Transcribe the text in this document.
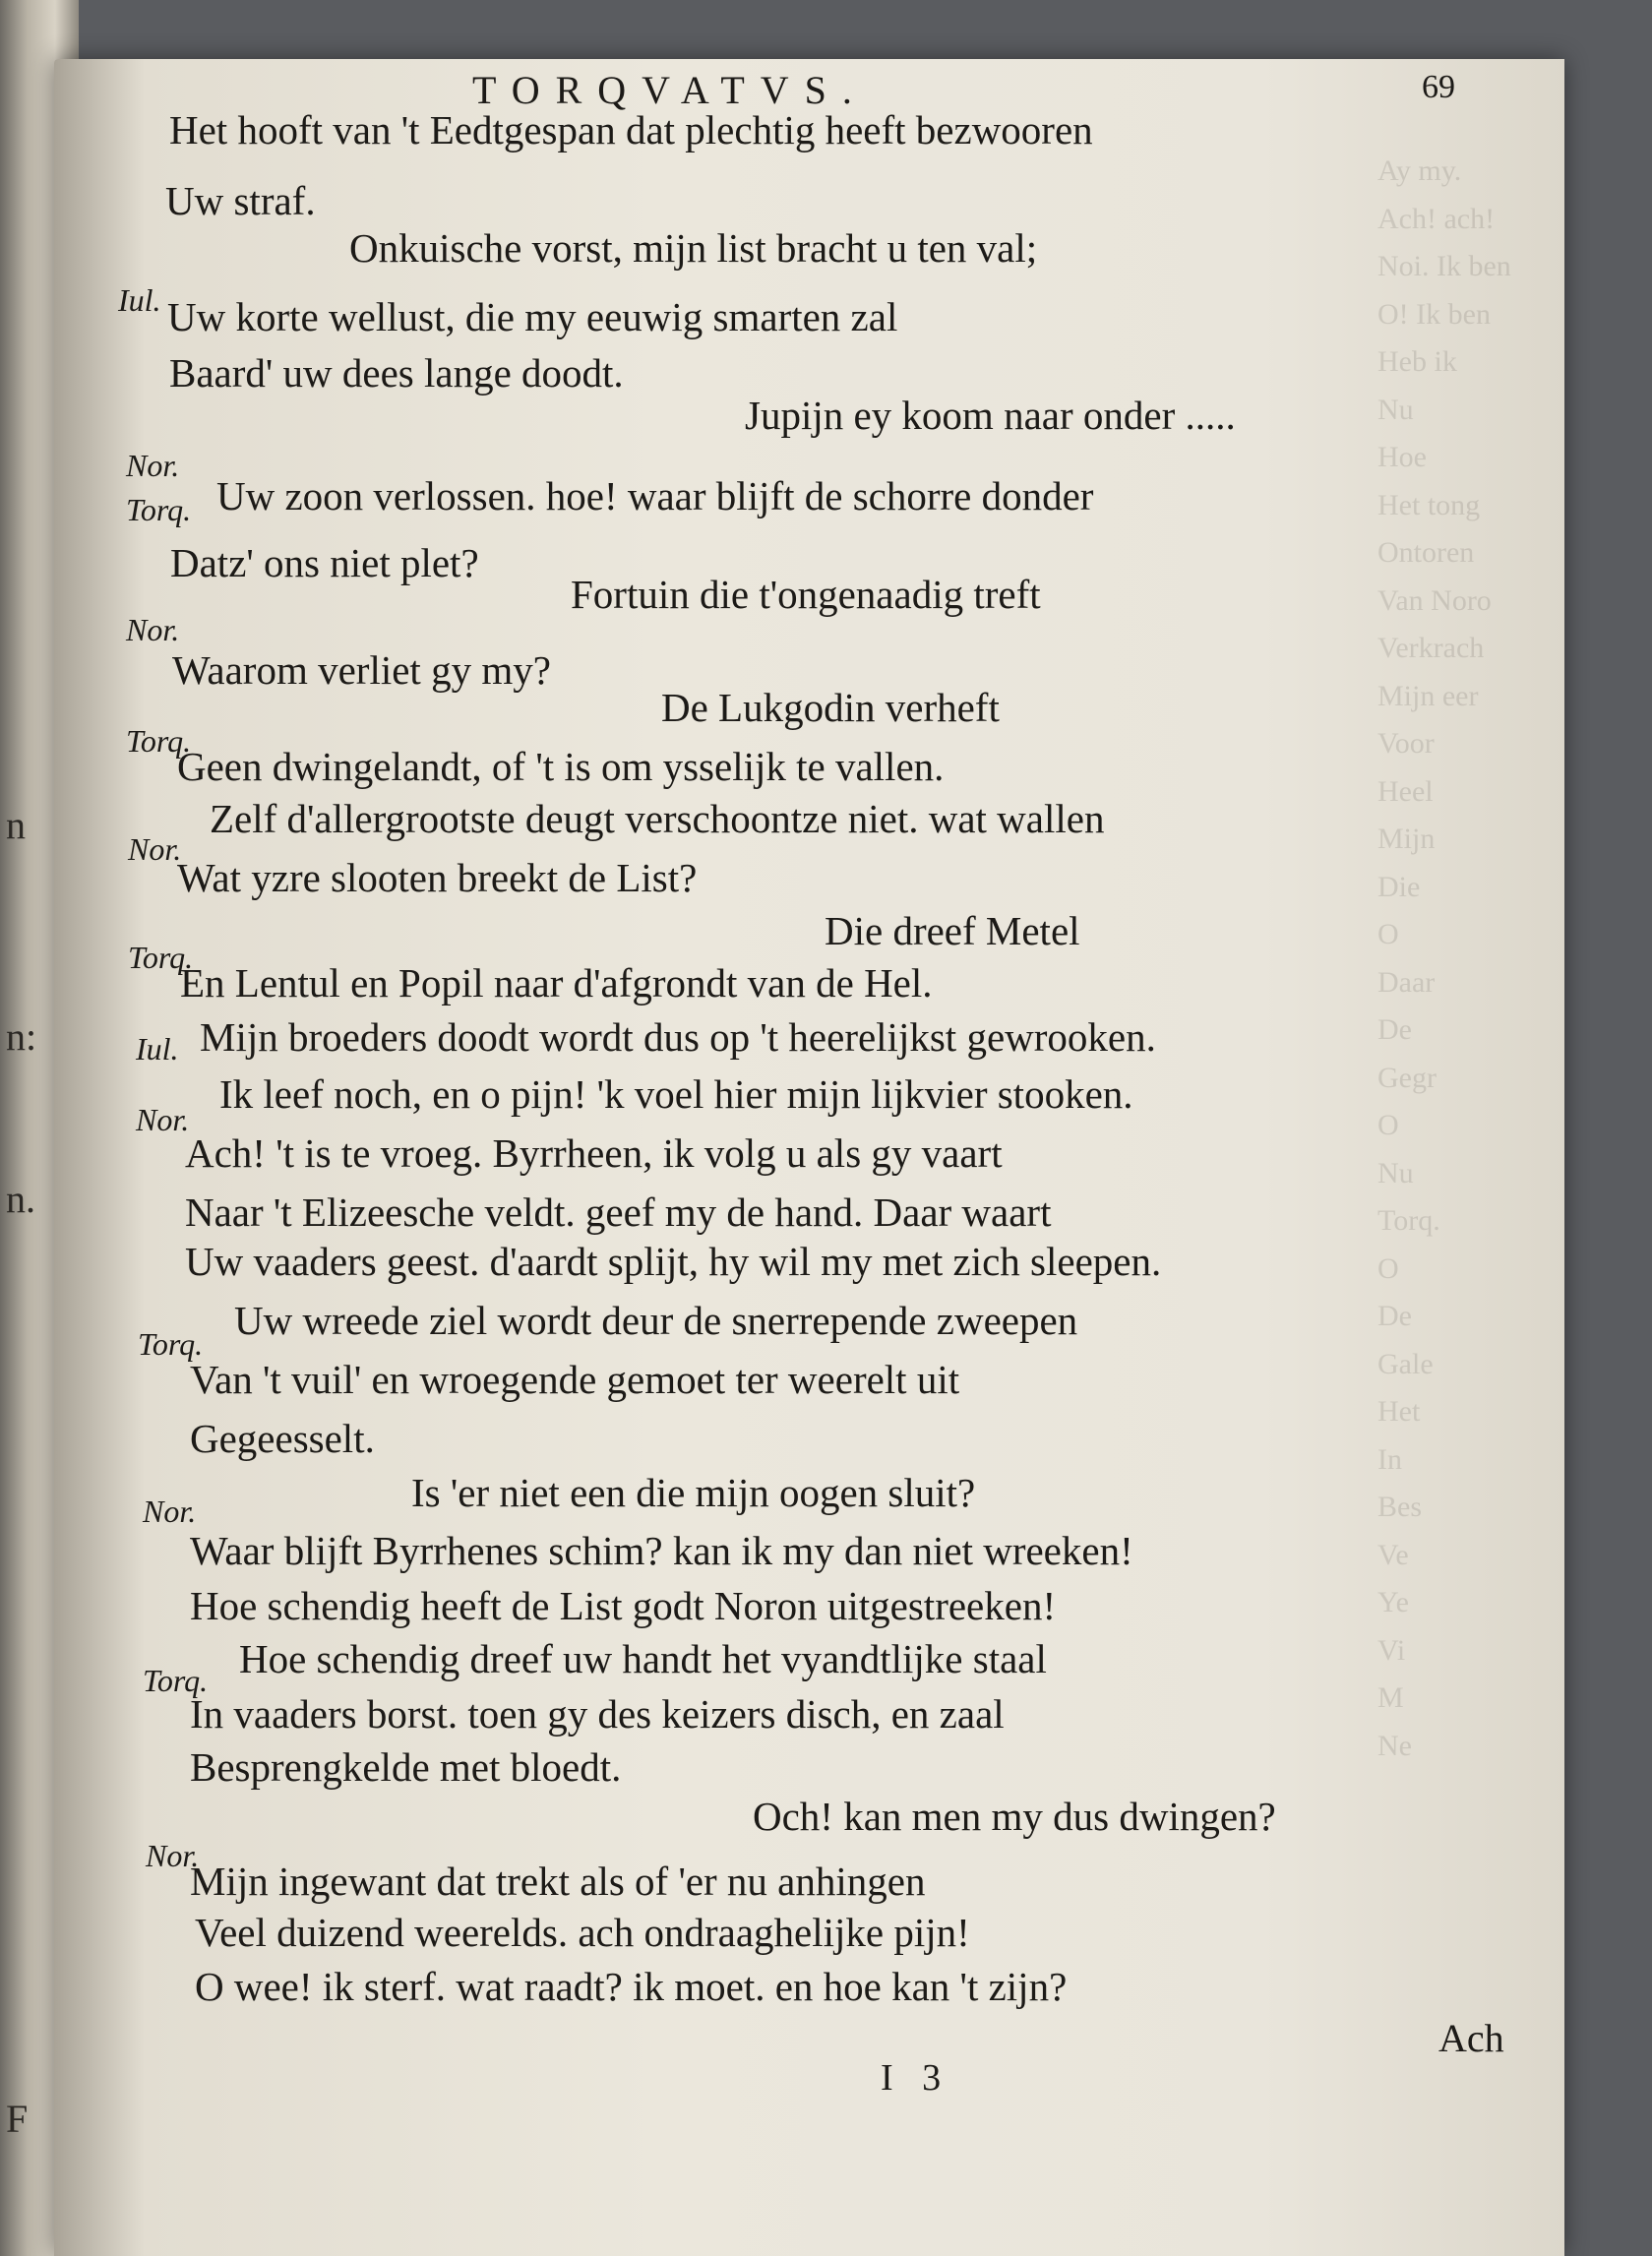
n
n:
n.
F
Ay my.
Ach! ach!
Noi. Ik ben
O! Ik ben
Heb ik
Nu
Hoe
Het tong
Ontoren
Van Noro
Verkrach
Mijn eer
Voor
Heel
Mijn
Die
O
Daar
De
Gegr
O
Nu
Torq.
O
De
Gale
Het
In
Bes
Ve
Ye
Vi
M
Ne
TORQVATVS.	69
Het hooft van 't Eedtgespan dat plechtig heeft bezwooren
Uw straf.
Onkuische vorst, mijn list bracht u ten val;
Iul. Uw korte wellust, die my eeuwig smarten zal
Baard' uw dees lange doodt.
Jupijn ey koom naar onder .....
Nor.
Torq. Uw zoon verlossen. hoe! waar blijft de schorre donder
Datz' ons niet plet?
Fortuin die t'ongenaadig treft
Nor.
Waarom verliet gy my?
De Lukgodin verheft
Torq.
Geen dwingelandt, of 't is om ysselijk te vallen.
Nor.
Zelf d'allergrootste deugt verschoontze niet. wat wallen
Wat yzre slooten breekt de List?
Die dreef Metel
Torq.
En Lentul en Popil naar d'afgrondt van de Hel.
Iul. Mijn broeders doodt wordt dus op 't heerelijkst gewrooken.
Nor.
Ik leef noch, en o pijn! 'k voel hier mijn lijkvier stooken.
Ach! 't is te vroeg. Byrrheen, ik volg u als gy vaart
Naar 't Elizeesche veldt. geef my de hand. Daar waart
Uw vaaders geest. d'aardt splijt, hy wil my met zich sleepen.
Torq.
Uw wreede ziel wordt deur de snerrepende zweepen
Van 't vuil' en wroegende gemoet ter weerelt uit
Gegeesselt.
Is 'er niet een die mijn oogen sluit?
Nor.
Waar blijft Byrrhenes schim? kan ik my dan niet wreeken!
Hoe schendig heeft de List godt Noron uitgestreeken!
Torq. Hoe schendig dreef uw handt het vyandtlijke staal
In vaaders borst. toen gy des keizers disch, en zaal
Besprengkelde met bloedt.
Och! kan men my dus dwingen?
Nor.
Mijn ingewant dat trekt als of 'er nu anhingen
Veel duizend weerelds. ach ondraaghelijke pijn!
O wee! ik sterf. wat raadt? ik moet. en hoe kan 't zijn?
Ach
I 3
